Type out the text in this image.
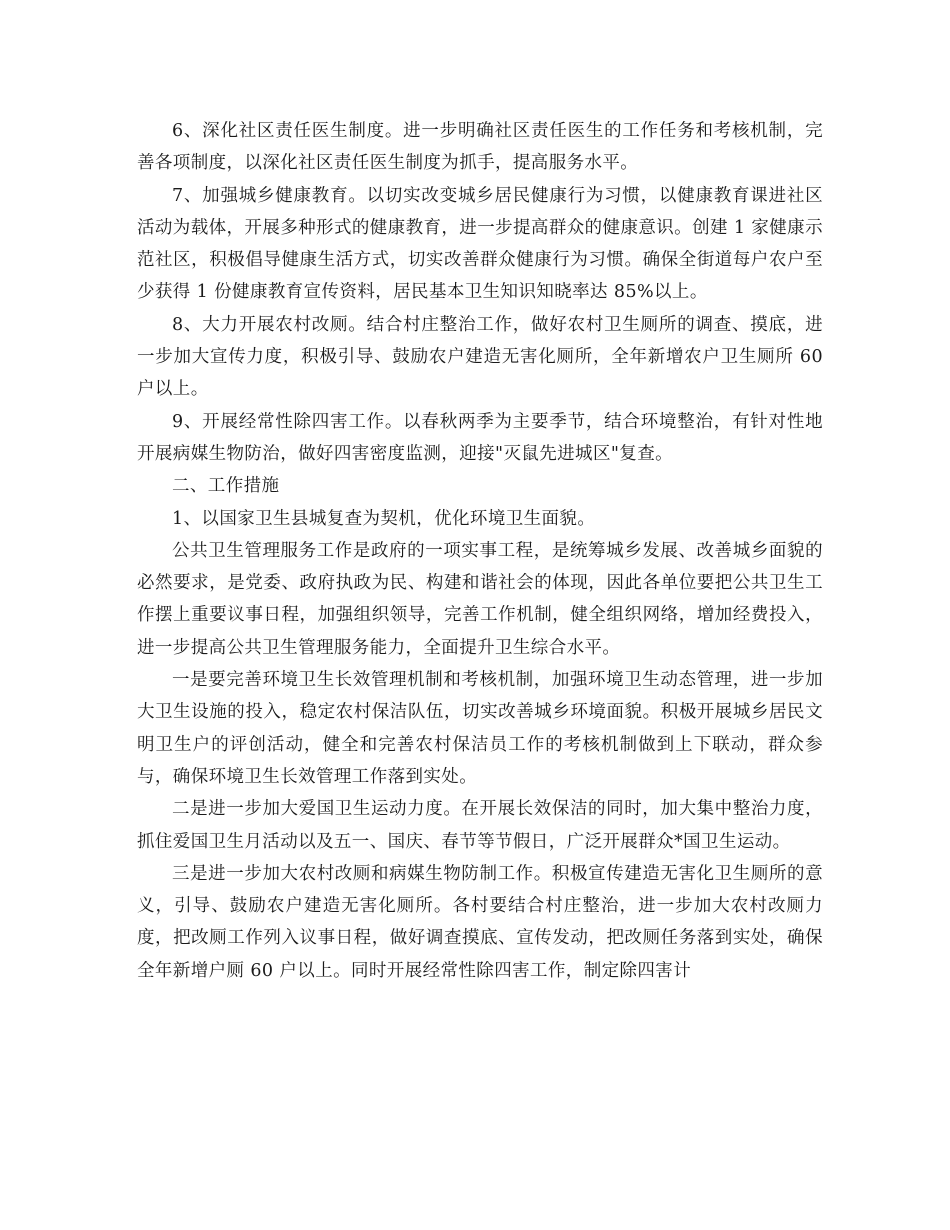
6、深化社区责任医生制度。进一步明确社区责任医生的工作任务和考核机制，完善各项制度，以深化社区责任医生制度为抓手，提高服务水平。

7、加强城乡健康教育。以切实改变城乡居民健康行为习惯，以健康教育课进社区活动为载体，开展多种形式的健康教育，进一步提高群众的健康意识。创建 1 家健康示范社区，积极倡导健康生活方式，切实改善群众健康行为习惯。确保全街道每户农户至少获得 1 份健康教育宣传资料，居民基本卫生知识知晓率达 85%以上。

8、大力开展农村改厕。结合村庄整治工作，做好农村卫生厕所的调查、摸底，进一步加大宣传力度，积极引导、鼓励农户建造无害化厕所，全年新增农户卫生厕所 60 户以上。

9、开展经常性除四害工作。以春秋两季为主要季节，结合环境整治，有针对性地开展病媒生物防治，做好四害密度监测，迎接"灭鼠先进城区"复查。

二、工作措施

1、以国家卫生县城复查为契机，优化环境卫生面貌。

公共卫生管理服务工作是政府的一项实事工程，是统筹城乡发展、改善城乡面貌的必然要求，是党委、政府执政为民、构建和谐社会的体现，因此各单位要把公共卫生工作摆上重要议事日程，加强组织领导，完善工作机制，健全组织网络，增加经费投入，进一步提高公共卫生管理服务能力，全面提升卫生综合水平。

一是要完善环境卫生长效管理机制和考核机制，加强环境卫生动态管理，进一步加大卫生设施的投入，稳定农村保洁队伍，切实改善城乡环境面貌。积极开展城乡居民文明卫生户的评创活动，健全和完善农村保洁员工作的考核机制做到上下联动，群众参与，确保环境卫生长效管理工作落到实处。

二是进一步加大爱国卫生运动力度。在开展长效保洁的同时，加大集中整治力度，抓住爱国卫生月活动以及五一、国庆、春节等节假日，广泛开展群众*国卫生运动。

三是进一步加大农村改厕和病媒生物防制工作。积极宣传建造无害化卫生厕所的意义，引导、鼓励农户建造无害化厕所。各村要结合村庄整治，进一步加大农村改厕力度，把改厕工作列入议事日程，做好调查摸底、宣传发动，把改厕任务落到实处，确保全年新增户厕 60 户以上。同时开展经常性除四害工作，制定除四害计
